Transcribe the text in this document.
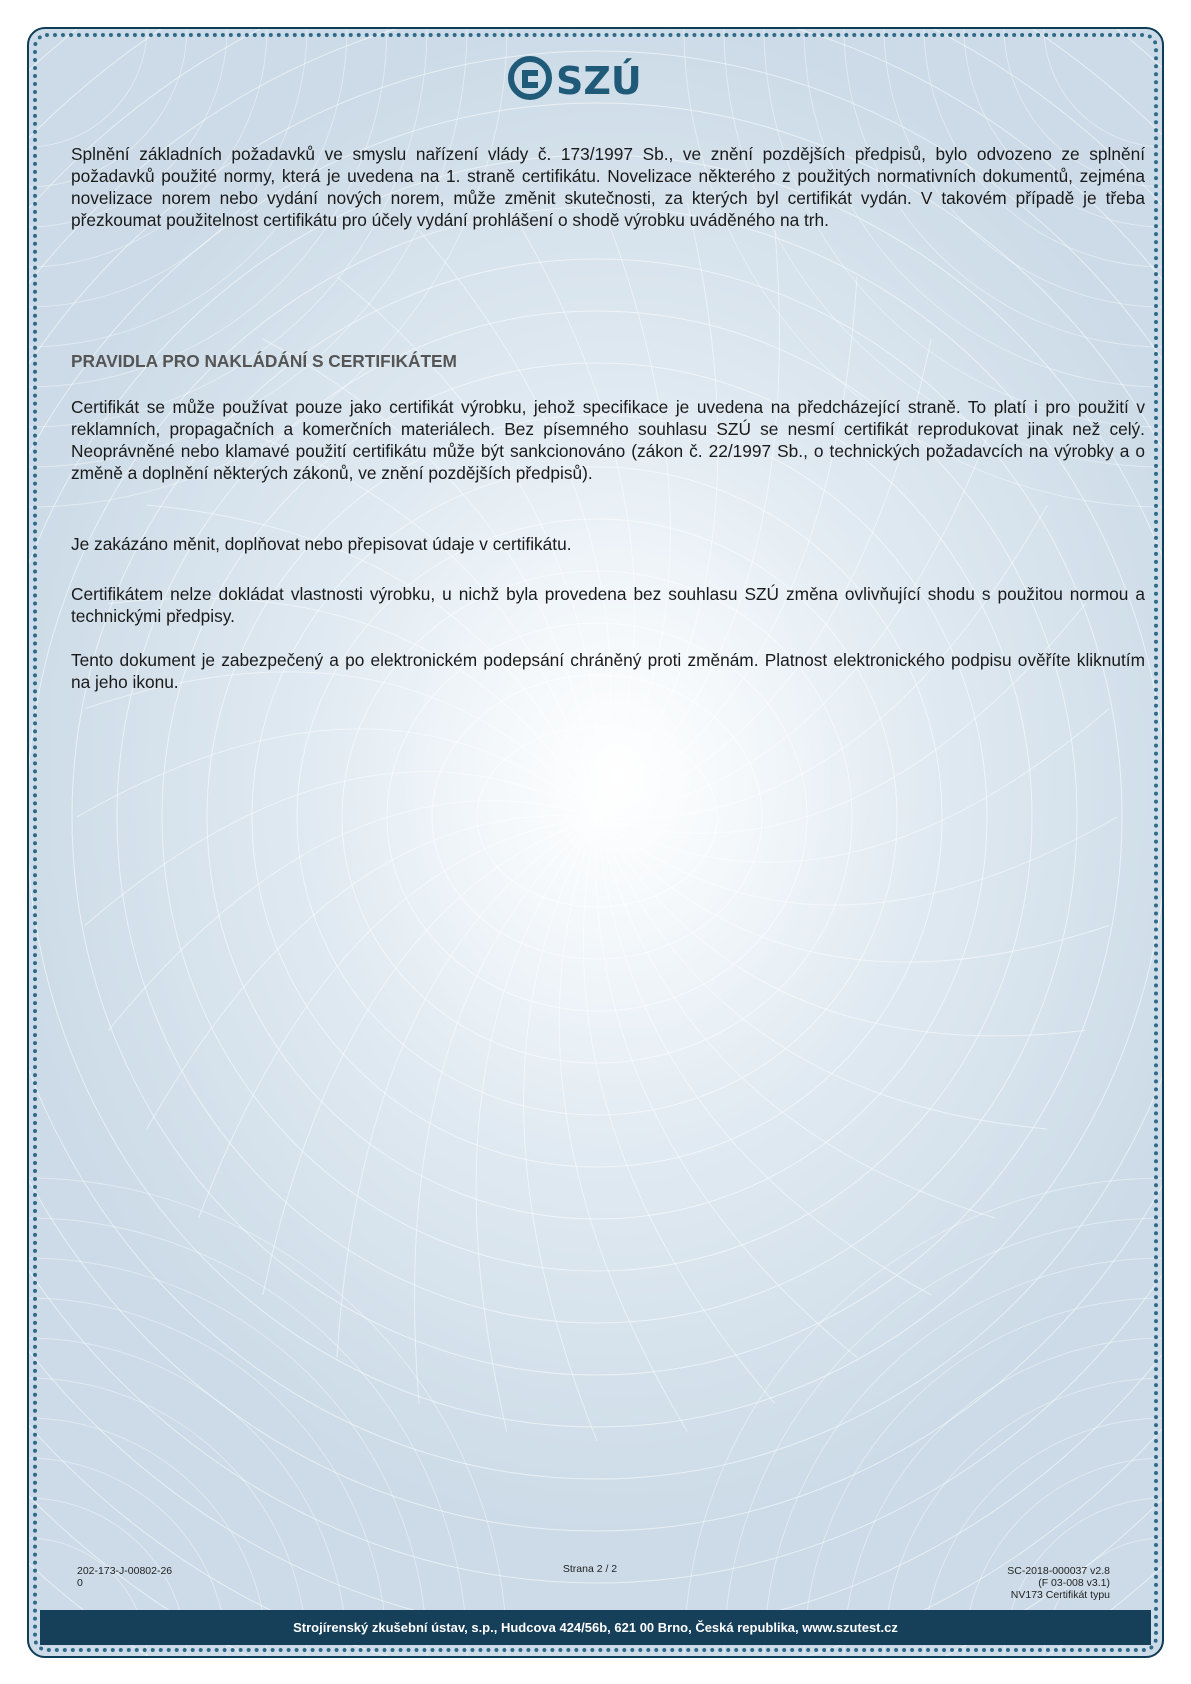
SZÚ

Splnění základních požadavků ve smyslu nařízení vlády č. 173/1997 Sb., ve znění pozdějších předpisů, bylo odvozeno ze splnění požadavků použité normy, která je uvedena na 1. straně certifikátu. Novelizace některého z použitých normativních dokumentů, zejména novelizace norem nebo vydání nových norem, může změnit skutečnosti, za kterých byl certifikát vydán. V takovém případě je třeba přezkoumat použitelnost certifikátu pro účely vydání prohlášení o shodě výrobku uváděného na trh.

PRAVIDLA PRO NAKLÁDÁNÍ S CERTIFIKÁTEM

Certifikát se může používat pouze jako certifikát výrobku, jehož specifikace je uvedena na předcházející straně. To platí i pro použití v reklamních, propagačních a komerčních materiálech. Bez písemného souhlasu SZÚ se nesmí certifikát reprodukovat jinak než celý. Neoprávněné nebo klamavé použití certifikátu může být sankcionováno (zákon č. 22/1997 Sb., o technických požadavcích na výrobky a o změně a doplnění některých zákonů, ve znění pozdějších předpisů).

Je zakázáno měnit, doplňovat nebo přepisovat údaje v certifikátu.

Certifikátem nelze dokládat vlastnosti výrobku, u nichž byla provedena bez souhlasu SZÚ změna ovlivňující shodu s použitou normou a technickými předpisy.

Tento dokument je zabezpečený a po elektronickém podepsání chráněný proti změnám. Platnost elektronického podpisu ověříte kliknutím na jeho ikonu.

202-173-J-00802-26
0
Strana 2 / 2	SC-2018-000037 v2.8
(F 03-008 v3.1)
NV173 Certifikát typu
Strojírenský zkušební ústav, s.p., Hudcova 424/56b, 621 00 Brno, Česká republika, www.szutest.cz
